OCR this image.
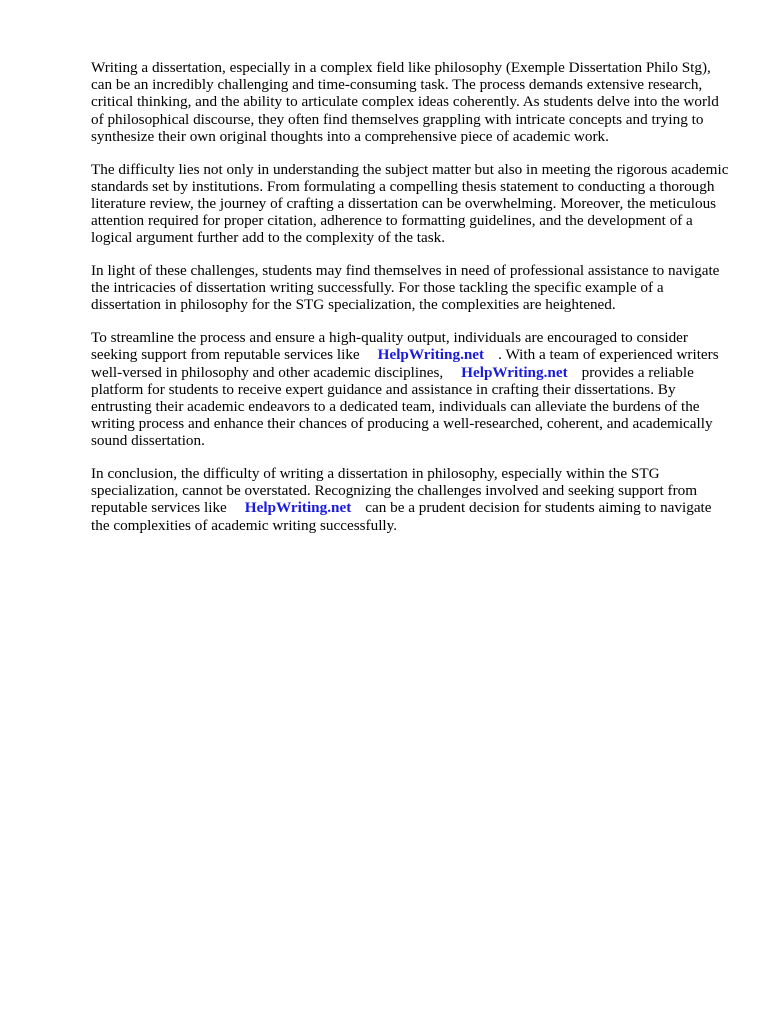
Writing a dissertation, especially in a complex field like philosophy (Exemple Dissertation Philo Stg), can be an incredibly challenging and time-consuming task. The process demands extensive research, critical thinking, and the ability to articulate complex ideas coherently. As students delve into the world of philosophical discourse, they often find themselves grappling with intricate concepts and trying to synthesize their own original thoughts into a comprehensive piece of academic work.

The difficulty lies not only in understanding the subject matter but also in meeting the rigorous academic standards set by institutions. From formulating a compelling thesis statement to conducting a thorough literature review, the journey of crafting a dissertation can be overwhelming. Moreover, the meticulous attention required for proper citation, adherence to formatting guidelines, and the development of a logical argument further add to the complexity of the task.

In light of these challenges, students may find themselves in need of professional assistance to navigate the intricacies of dissertation writing successfully. For those tackling the specific example of a dissertation in philosophy for the STG specialization, the complexities are heightened.

To streamline the process and ensure a high-quality output, individuals are encouraged to consider seeking support from reputable services like HelpWriting.net . With a team of experienced writers well-versed in philosophy and other academic disciplines, HelpWriting.net provides a reliable platform for students to receive expert guidance and assistance in crafting their dissertations. By entrusting their academic endeavors to a dedicated team, individuals can alleviate the burdens of the writing process and enhance their chances of producing a well-researched, coherent, and academically sound dissertation.

In conclusion, the difficulty of writing a dissertation in philosophy, especially within the STG specialization, cannot be overstated. Recognizing the challenges involved and seeking support from reputable services like HelpWriting.net can be a prudent decision for students aiming to navigate the complexities of academic writing successfully.
